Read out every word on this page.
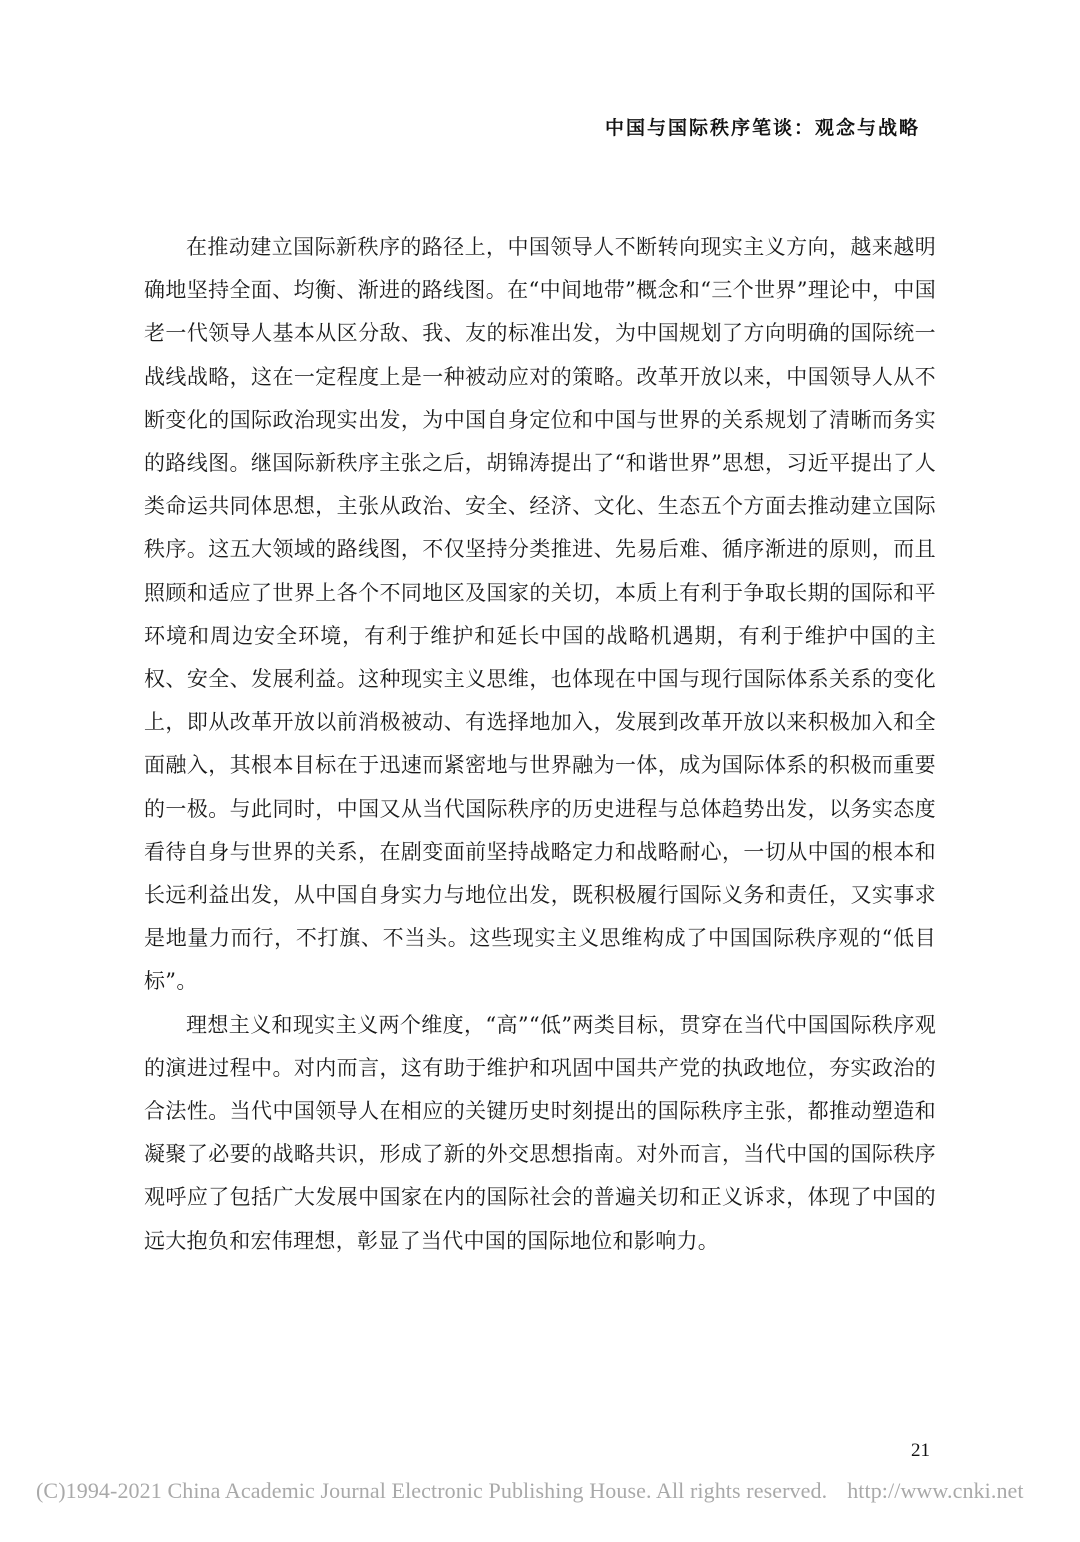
中国与国际秩序笔谈：观念与战略

在推动建立国际新秩序的路径上，中国领导人不断转向现实主义方向，越来越明确地坚持全面、均衡、渐进的路线图。在“中间地带”概念和“三个世界”理论中，中国老一代领导人基本从区分敌、我、友的标准出发，为中国规划了方向明确的国际统一战线战略，这在一定程度上是一种被动应对的策略。改革开放以来，中国领导人从不断变化的国际政治现实出发，为中国自身定位和中国与世界的关系规划了清晰而务实的路线图。继国际新秩序主张之后，胡锦涛提出了“和谐世界”思想，习近平提出了人类命运共同体思想，主张从政治、安全、经济、文化、生态五个方面去推动建立国际秩序。这五大领域的路线图，不仅坚持分类推进、先易后难、循序渐进的原则，而且照顾和适应了世界上各个不同地区及国家的关切，本质上有利于争取长期的国际和平环境和周边安全环境，有利于维护和延长中国的战略机遇期，有利于维护中国的主权、安全、发展利益。这种现实主义思维，也体现在中国与现行国际体系关系的变化上，即从改革开放以前消极被动、有选择地加入，发展到改革开放以来积极加入和全面融入，其根本目标在于迅速而紧密地与世界融为一体，成为国际体系的积极而重要的一极。与此同时，中国又从当代国际秩序的历史进程与总体趋势出发，以务实态度看待自身与世界的关系，在剧变面前坚持战略定力和战略耐心，一切从中国的根本和长远利益出发，从中国自身实力与地位出发，既积极履行国际义务和责任，又实事求是地量力而行，不打旗、不当头。这些现实主义思维构成了中国国际秩序观的“低目标”。

理想主义和现实主义两个维度，“高”“低”两类目标，贯穿在当代中国国际秩序观的演进过程中。对内而言，这有助于维护和巩固中国共产党的执政地位，夯实政治的合法性。当代中国领导人在相应的关键历史时刻提出的国际秩序主张，都推动塑造和凝聚了必要的战略共识，形成了新的外交思想指南。对外而言，当代中国的国际秩序观呼应了包括广大发展中国家在内的国际社会的普遍关切和正义诉求，体现了中国的远大抱负和宏伟理想，彰显了当代中国的国际地位和影响力。

21
(C)1994-2021 China Academic Journal Electronic Publishing House. All rights reserved. http://www.cnki.net
